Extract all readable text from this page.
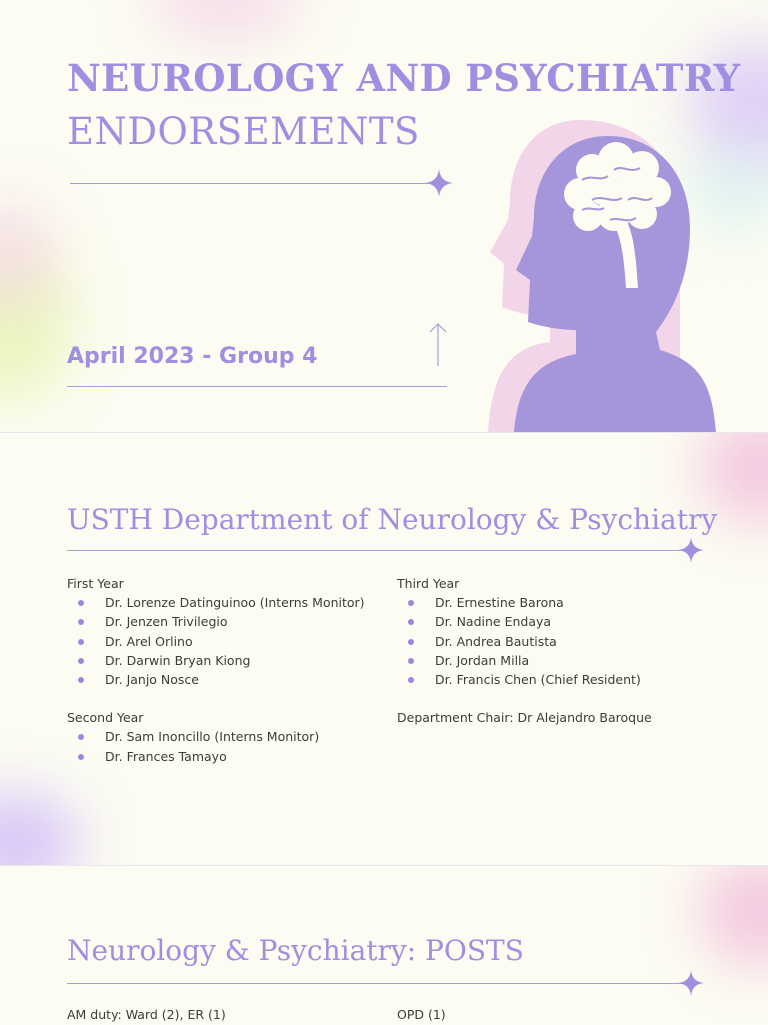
NEUROLOGY AND PSYCHIATRY
ENDORSEMENTS
April 2023 - Group 4
USTH Department of Neurology & Psychiatry
First Year
Dr. Lorenze Datinguinoo (Interns Monitor)
Dr. Jenzen Trivilegio
Dr. Arel Orlino
Dr. Darwin Bryan Kiong
Dr. Janjo Nosce
Second Year
Dr. Sam Inoncillo (Interns Monitor)
Dr. Frances Tamayo
Third Year
Dr. Ernestine Barona
Dr. Nadine Endaya
Dr. Andrea Bautista
Dr. Jordan Milla
Dr. Francis Chen (Chief Resident)
Department Chair: Dr Alejandro Baroque
Neurology & Psychiatry: POSTS
AM duty: Ward (2), ER (1)	OPD (1)
